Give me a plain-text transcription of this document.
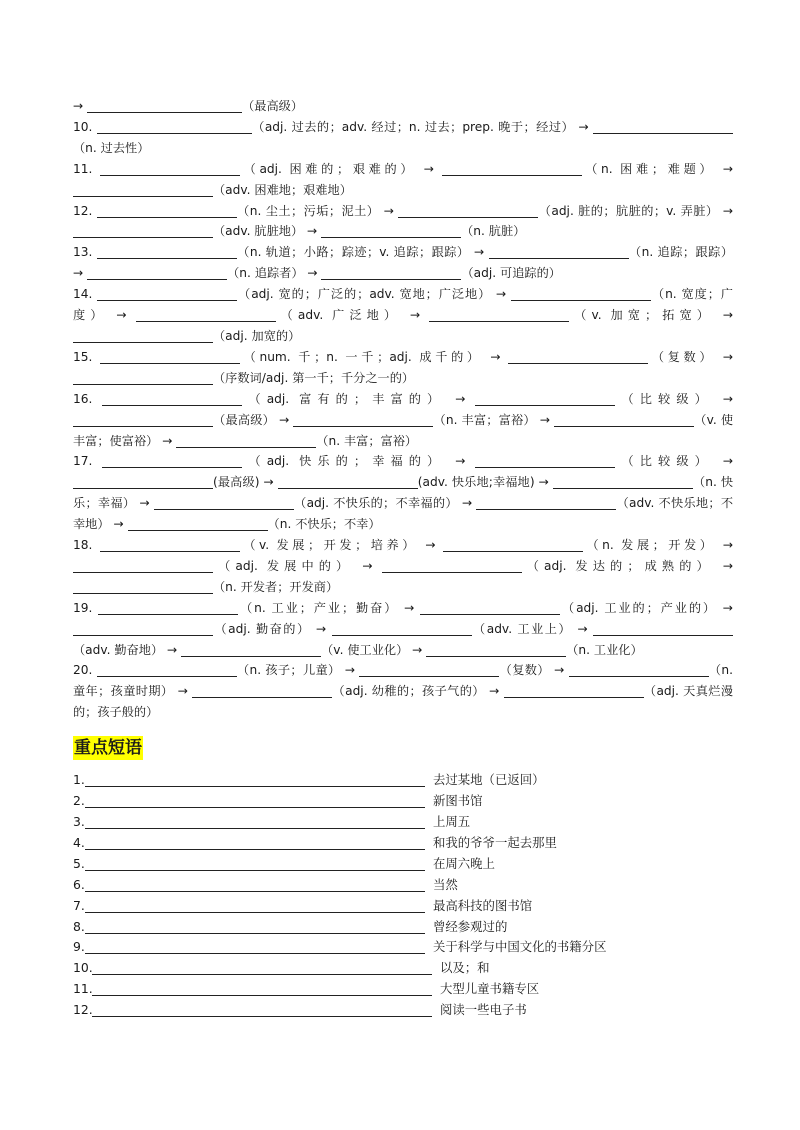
→	（最高级）
10.	（adj. 过去的；adv. 经过；n. 过去；prep. 晚于；经过） → （n. 过去性）
11.	（adj. 困难的；艰难的） →	（n. 困难；难题） → （adv. 困难地；艰难地）
12.	（n. 尘土；污垢；泥土） →	（adj. 脏的；肮脏的；v. 弄脏） → （adv. 肮脏地） →	（n. 肮脏）
13.	（n. 轨道；小路；踪迹；v. 追踪；跟踪） →	（n. 追踪；跟踪） →	（n. 追踪者） →	（adj. 可追踪的）
14.	（adj. 宽的；广泛的；adv. 宽地；广泛地） →	（n. 宽度；广度） →	（adv. 广泛地） →	（v. 加宽；拓宽） → （adj. 加宽的）
15.	（num. 千；n. 一千；adj. 成千的） →	（复数） → （序数词/adj. 第一千；千分之一的）
16.	（adj. 富有的；丰富的） →	（比较级） → （最高级） →	（n. 丰富；富裕） →	（v. 使丰富；使富裕） →	（n. 丰富；富裕）
17.	（adj. 快乐的；幸福的） →	（比较级） → (最高级) →	(adv. 快乐地;幸福地) →	（n. 快乐；幸福） →	（adj. 不快乐的；不幸福的） →	（adv. 不快乐地；不幸地） →	（n. 不快乐；不幸）
18.	（v. 发展；开发；培养） →	（n. 发展；开发） → （adj. 发展中的） →	（adj. 发达的；成熟的） → （n. 开发者；开发商）
19.	（n. 工业；产业；勤奋） →	（adj. 工业的；产业的） → （adj. 勤奋的） →	（adv. 工业上） → （adv. 勤奋地） →	（v. 使工业化） →	（n. 工业化）
20.	（n. 孩子；儿童） →	（复数） →	（n. 童年；孩童时期） →	（adj. 幼稚的；孩子气的） →	（adj. 天真烂漫的；孩子般的）
重点短语
1.	去过某地（已返回）
2.	新图书馆
3.	上周五
4.	和我的爷爷一起去那里
5.	在周六晚上
6.	当然
7.	最高科技的图书馆
8.	曾经参观过的
9.	关于科学与中国文化的书籍分区
10.	以及；和
11.	大型儿童书籍专区
12.	阅读一些电子书
